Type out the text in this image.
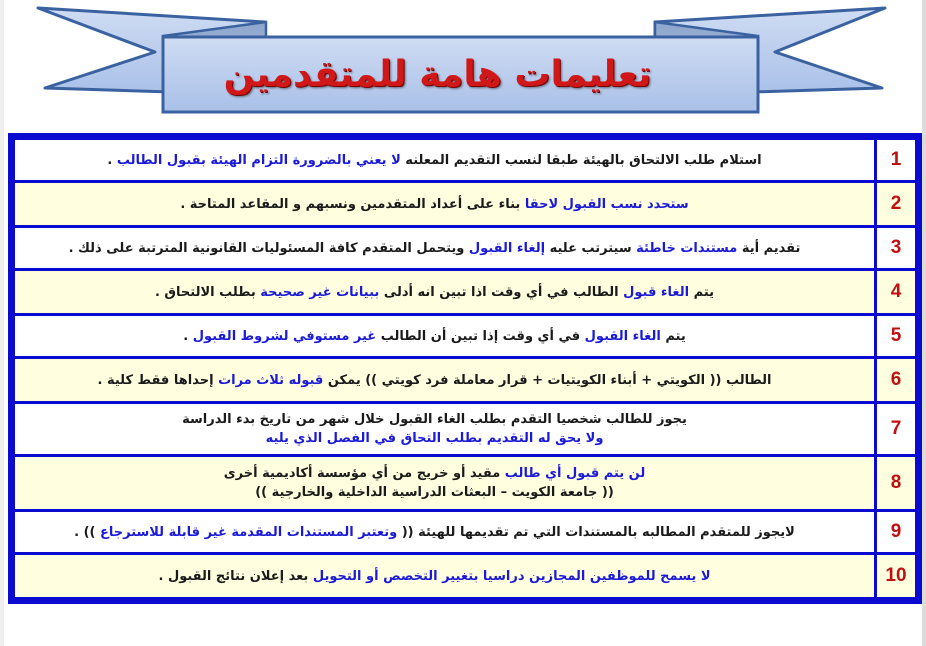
تعليمات هامة للمتقدمين
1	استلام طلب الالتحاق بالهيئة طبقا لنسب التقديم المعلنه لا يعني بالضرورة التزام الهيئة بقبول الطالب .

2	ستحدد نسب القبول لاحقا بناء على أعداد المتقدمين ونسبهم و المقاعد المتاحة .

3	تقديم أية مستندات خاطئة سيترتب عليه إلغاء القبول ويتحمل المتقدم كافة المسئوليات القانونية المترتبة على ذلك .

4	يتم الغاء قبول الطالب في أي وقت اذا تبين انه أدلى ببيانات غير صحيحة بطلب الالتحاق .

5	يتم الغاء القبول في أي وقت إذا تبين أن الطالب غير مستوفي لشروط القبول .

6	الطالب (( الكويتي + أبناء الكويتيات + قرار معاملة فرد كويتي )) يمكن قبوله ثلاث مرات إحداها فقط كلية .

7	يجوز للطالب شخصيا التقدم بطلب الغاء القبول خلال شهر من تاريخ بدء الدراسة
ولا يحق له التقديم بطلب التحاق في الفصل الذي يليه

8	لن يتم قبول أي طالب مقيد أو خريج من أي مؤسسة أكاديمية أخرى
(( جامعة الكويت – البعثات الدراسية الداخلية والخارجية ))

9	لايجوز للمتقدم المطالبه بالمستندات التي تم تقديمها للهيئة (( وتعتبر المستندات المقدمة غير قابلة للاسترجاع )) .

10	لا يسمح للموظفين المجازين دراسيا بتغيير التخصص أو التحويل بعد إعلان نتائج القبول .
